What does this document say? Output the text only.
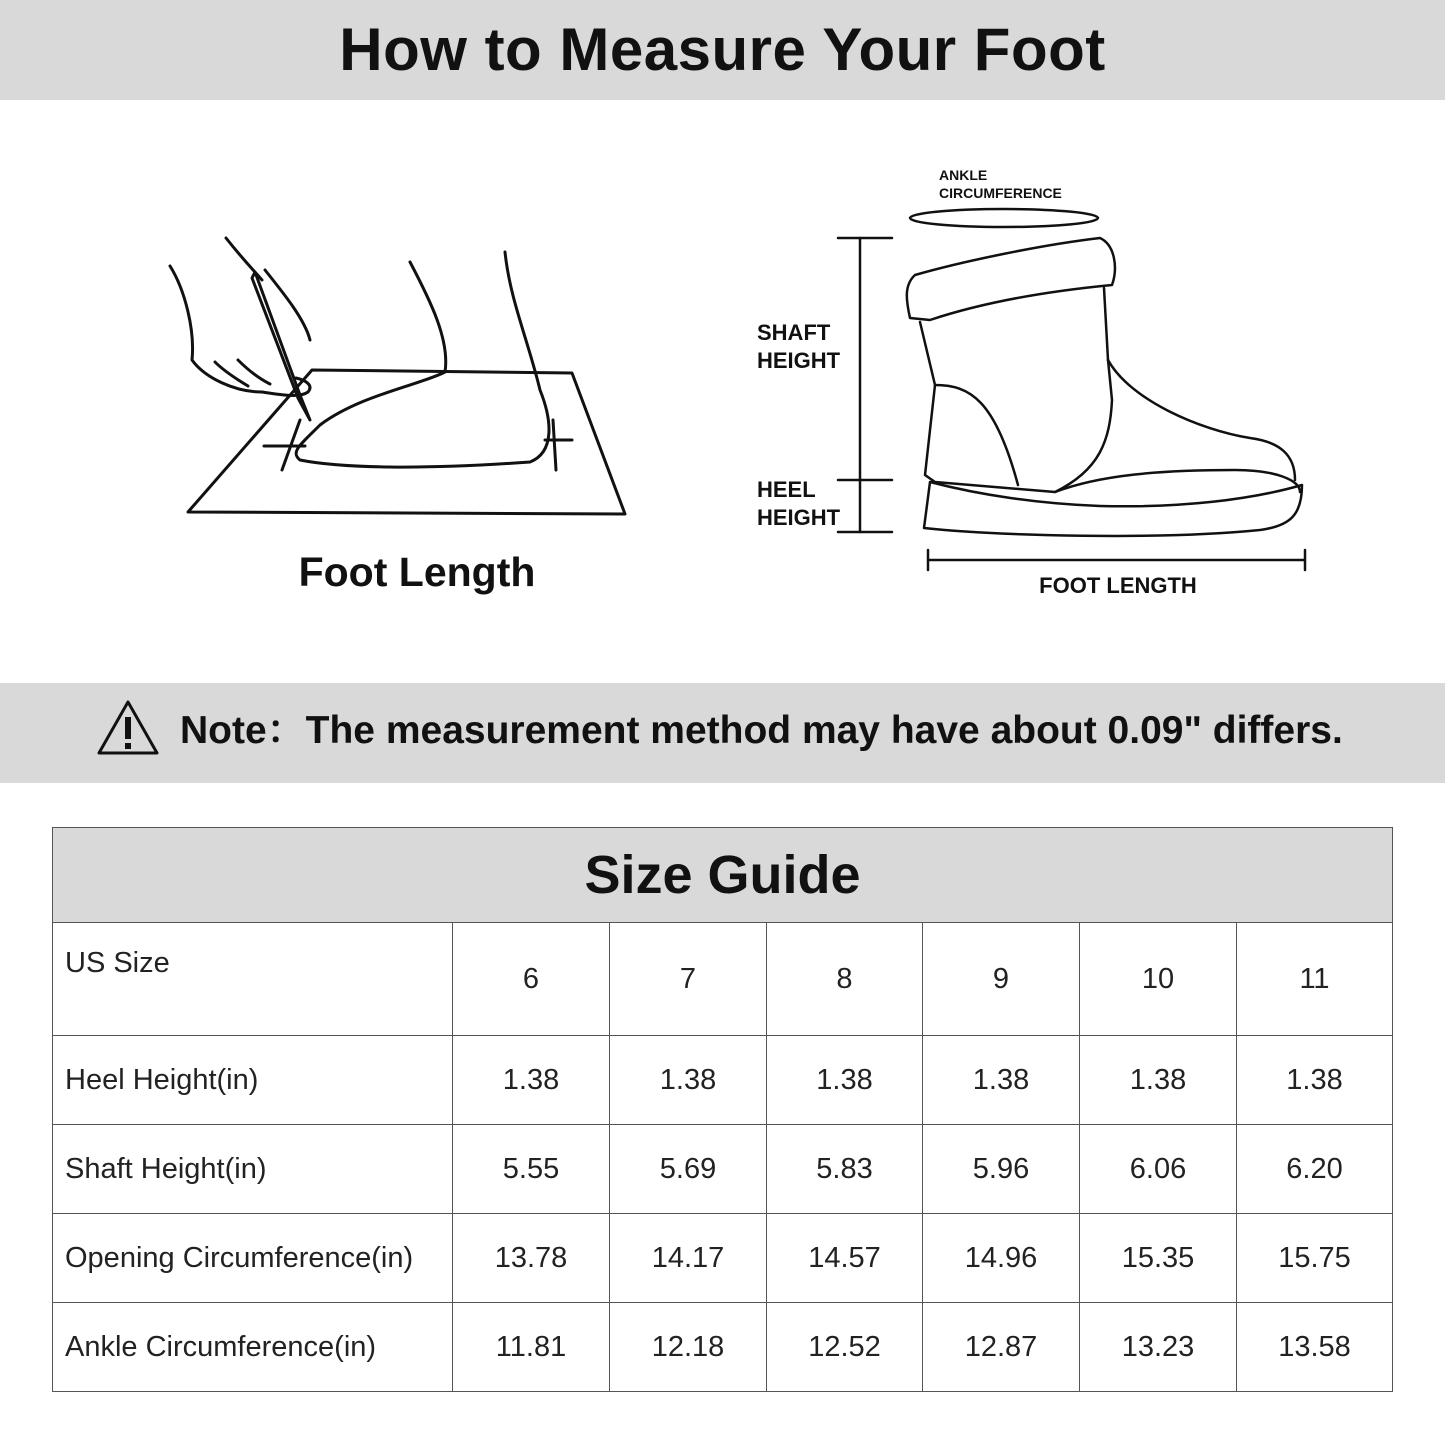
How to Measure Your Foot
Foot Length
ANKLE
CIRCUMFERENCE
SHAFT
HEIGHT
HEEL
HEIGHT
FOOT LENGTH
Note：The measurement method may have about 0.09" differs.
Size Guide						
US Size	6	7	8	9	10	11
Heel Height(in)	1.38	1.38	1.38	1.38	1.38	1.38
Shaft Height(in)	5.55	5.69	5.83	5.96	6.06	6.20
Opening Circumference(in)	13.78	14.17	14.57	14.96	15.35	15.75
Ankle Circumference(in)	11.81	12.18	12.52	12.87	13.23	13.58
